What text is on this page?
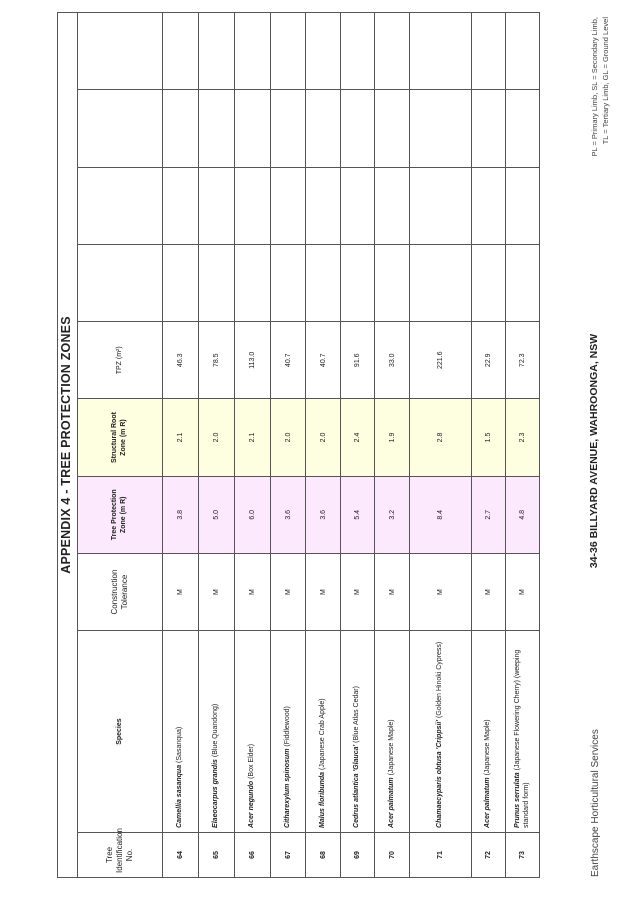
APPENDIX 4 - TREE PROTECTION ZONES
Tree Identification No.	Species	Construction Tolerance	Tree Protection Zone (m R)	Structural Root Zone (m R)	TPZ (m²)				
64	Camellia sasanqua (Sasanqua)	M	3.8	2.1	46.3				
65	Elaeocarpus grandis (Blue Quandong)	M	5.0	2.0	78.5				
66	Acer negundo (Box Elder)	M	6.0	2.1	113.0				
67	Citharexylum spinosum (Fiddlewood)	M	3.6	2.0	40.7				
68	Malus floribunda (Japanese Crab Apple)	M	3.6	2.0	40.7				
69	Cedrus atlantica 'Glauca' (Blue Atlas Cedar)	M	5.4	2.4	91.6				
70	Acer palmatum (Japanese Maple)	M	3.2	1.9	33.0				
71	Chamaecyparis obtusa 'Crippsii' (Golden Hinoki Cypress)	M	8.4	2.8	221.6				
72	Acer palmatum (Japanese Maple)	M	2.7	1.5	22.9				
73	Prunus serrulata (Japanese Flowering Cherry) (weeping standard form)	M	4.8	2.3	72.3				
Earthscape Horticultural Services
34-36 BILLYARD AVENUE, WAHROONGA, NSW
PL = Primary Limb, SL = Secondary Limb, TL = Tertiary Limb, GL = Ground Level
